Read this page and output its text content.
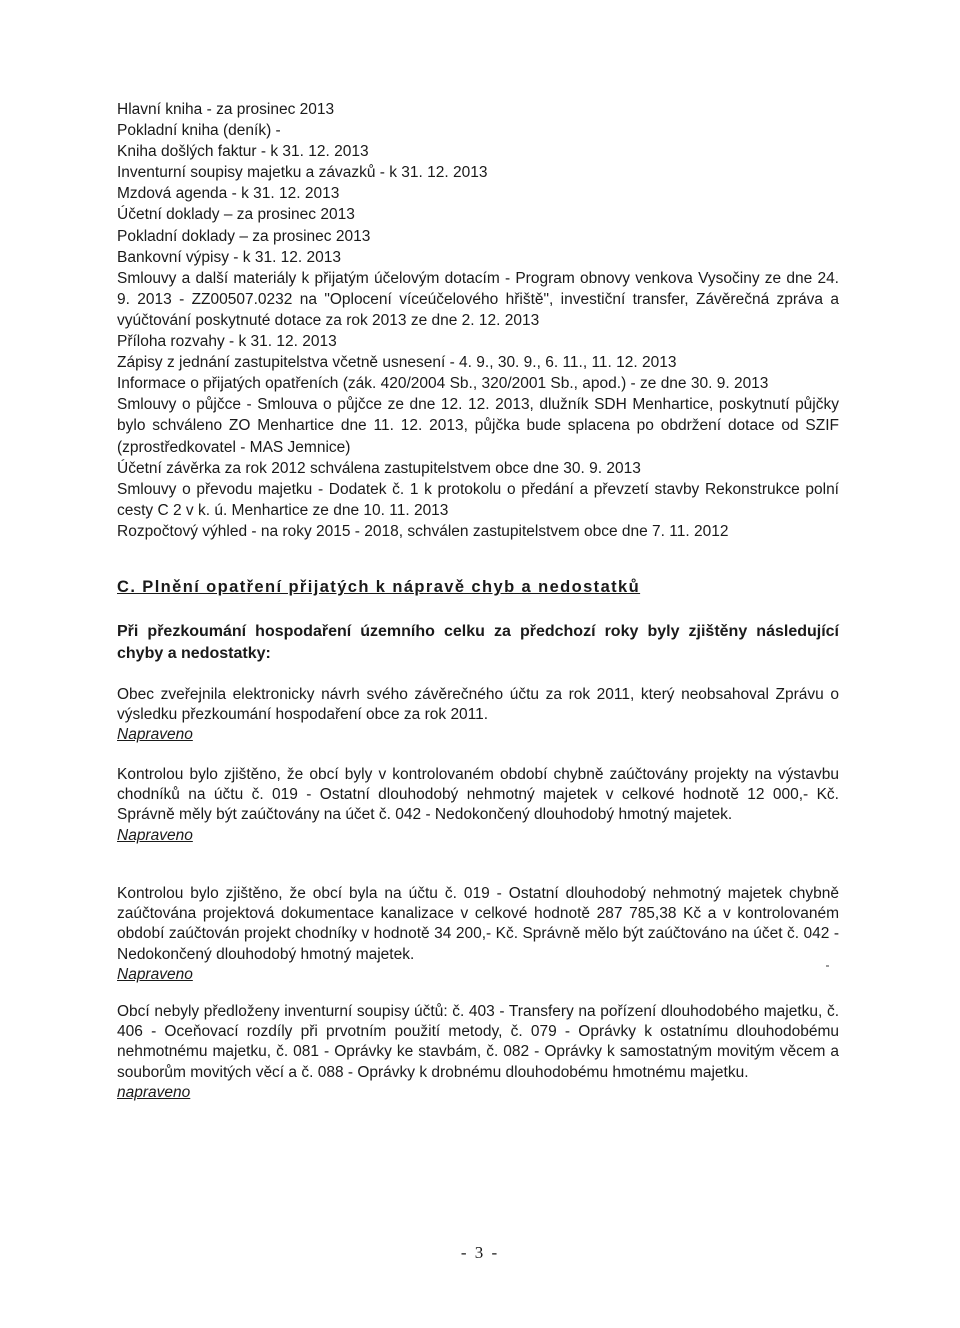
Hlavní kniha - za prosinec 2013
Pokladní kniha (deník) -
Kniha došlých faktur - k 31. 12. 2013
Inventurní soupisy majetku a závazků - k 31. 12. 2013
Mzdová agenda - k 31. 12. 2013
Účetní doklady – za prosinec 2013
Pokladní doklady – za prosinec 2013
Bankovní výpisy - k 31. 12. 2013
Smlouvy a další materiály k přijatým účelovým dotacím - Program obnovy venkova Vysočiny ze dne 24. 9. 2013 - ZZ00507.0232 na "Oplocení víceúčelového hřiště", investiční transfer, Závěrečná zpráva a vyúčtování poskytnuté dotace za rok 2013 ze dne 2. 12. 2013
Příloha rozvahy - k 31. 12. 2013
Zápisy z jednání zastupitelstva včetně usnesení - 4. 9., 30. 9., 6. 11., 11. 12. 2013
Informace o přijatých opatřeních (zák. 420/2004 Sb., 320/2001 Sb., apod.) - ze dne 30. 9. 2013
Smlouvy o půjčce - Smlouva o půjčce ze dne 12. 12. 2013, dlužník SDH Menhartice, poskytnutí půjčky bylo schváleno ZO Menhartice dne 11. 12. 2013, půjčka bude splacena po obdržení dotace od SZIF (zprostředkovatel - MAS Jemnice)
Účetní závěrka za rok 2012 schválena zastupitelstvem obce dne 30. 9. 2013
Smlouvy o převodu majetku - Dodatek č. 1 k protokolu o předání a převzetí stavby Rekonstrukce polní cesty C 2 v k. ú. Menhartice ze dne 10. 11. 2013
Rozpočtový výhled - na roky 2015 - 2018, schválen zastupitelstvem obce dne 7. 11. 2012
C. Plnění opatření přijatých k nápravě chyb a nedostatků
Při přezkoumání hospodaření územního celku za předchozí roky byly zjištěny následující chyby a nedostatky:
Obec zveřejnila elektronicky návrh svého závěrečného účtu za rok 2011, který neobsahoval Zprávu o výsledku přezkoumání hospodaření obce za rok 2011.
Napraveno
Kontrolou bylo zjištěno, že obcí byly v kontrolovaném období chybně zaúčtovány projekty na výstavbu chodníků na účtu č. 019 - Ostatní dlouhodobý nehmotný majetek v celkové hodnotě 12 000,- Kč. Správně měly být zaúčtovány na účet č. 042 - Nedokončený dlouhodobý hmotný majetek.
Napraveno
Kontrolou bylo zjištěno, že obcí byla na účtu č. 019 - Ostatní dlouhodobý nehmotný majetek chybně zaúčtována projektová dokumentace kanalizace v celkové hodnotě 287 785,38 Kč a v kontrolovaném období zaúčtován projekt chodníky v hodnotě 34 200,- Kč. Správně mělo být zaúčtováno na účet č. 042 - Nedokončený dlouhodobý hmotný majetek.
Napraveno
Obcí nebyly předloženy inventurní soupisy účtů: č. 403 - Transfery na pořízení dlouhodobého majetku, č. 406 - Oceňovací rozdíly při prvotním použití metody, č. 079 - Oprávky k ostatnímu dlouhodobému nehmotnému majetku, č. 081 - Oprávky ke stavbám, č. 082 - Oprávky k samostatným movitým věcem a souborům movitých věcí a č. 088 - Oprávky k drobnému dlouhodobému hmotnému majetku.
napraveno
- 3 -
